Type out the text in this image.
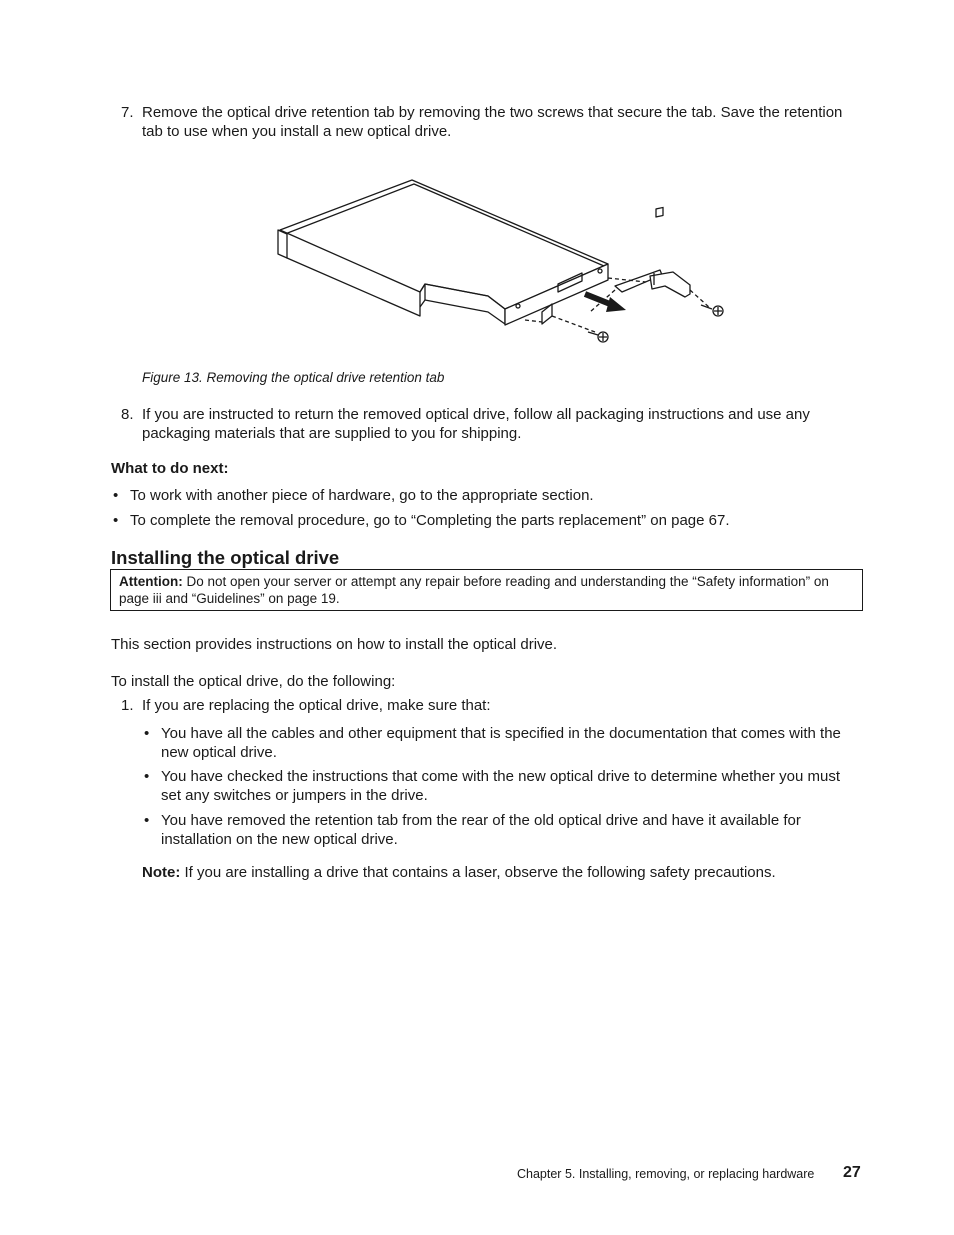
7. Remove the optical drive retention tab by removing the two screws that secure the tab. Save the retention tab to use when you install a new optical drive.
Figure 13. Removing the optical drive retention tab
8. If you are instructed to return the removed optical drive, follow all packaging instructions and use any packaging materials that are supplied to you for shipping.
What to do next:
• To work with another piece of hardware, go to the appropriate section.
• To complete the removal procedure, go to “Completing the parts replacement” on page 67.
Installing the optical drive
Attention: Do not open your server or attempt any repair before reading and understanding the “Safety information” on page iii and “Guidelines” on page 19.
This section provides instructions on how to install the optical drive.
To install the optical drive, do the following:
1. If you are replacing the optical drive, make sure that:
• You have all the cables and other equipment that is specified in the documentation that comes with the new optical drive.
• You have checked the instructions that come with the new optical drive to determine whether you must set any switches or jumpers in the drive.
• You have removed the retention tab from the rear of the old optical drive and have it available for installation on the new optical drive.
Note: If you are installing a drive that contains a laser, observe the following safety precautions.
Chapter 5. Installing, removing, or replacing hardware 27
